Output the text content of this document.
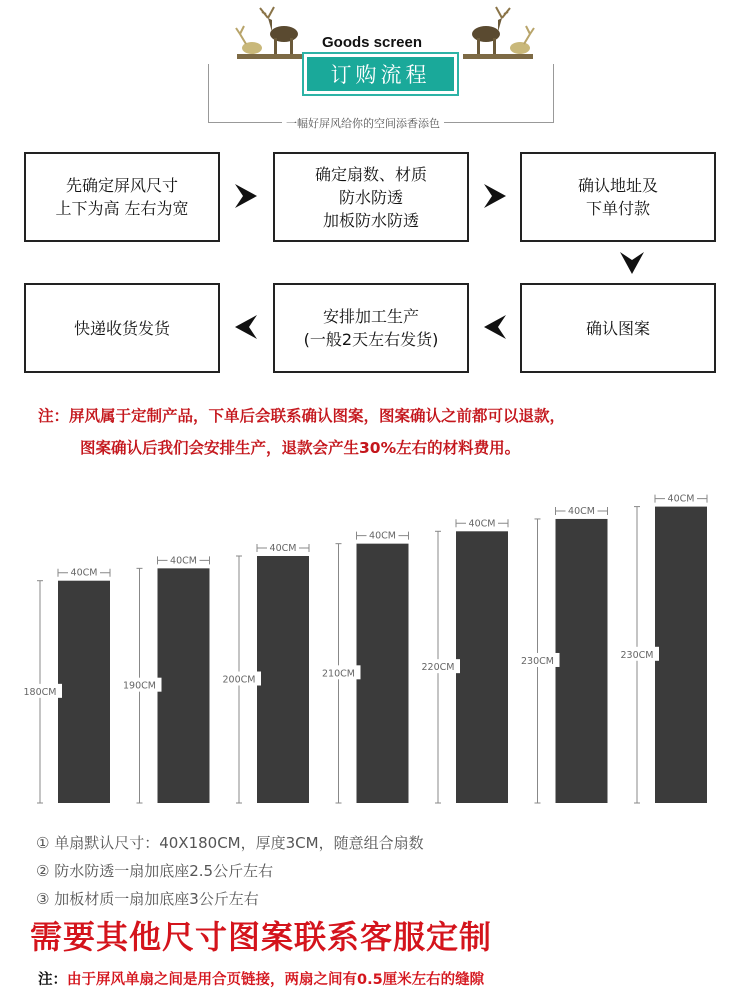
Goods screen
订购流程
一幅好屏风给你的空间添香添色
先确定屏风尺寸
上下为高 左右为宽
确定扇数、材质
防水防透
加板防水防透
确认地址及
下单付款
快递收货发货
安排加工生产
(一般2天左右发货)
确认图案
注：屏风属于定制产品，下单后会联系确认图案，图案确认之前都可以退款，
图案确认后我们会安排生产，退款会产生30%左右的材料费用。
180CM
40CM
190CM
40CM
200CM
40CM
210CM
40CM
220CM
40CM
230CM
40CM
230CM
40CM
① 单扇默认尺寸：40X180CM，厚度3CM，随意组合扇数
② 防水防透一扇加底座2.5公斤左右
③ 加板材质一扇加底座3公斤左右
需要其他尺寸图案联系客服定制
注：由于屏风单扇之间是用合页链接，两扇之间有0.5厘米左右的缝隙
